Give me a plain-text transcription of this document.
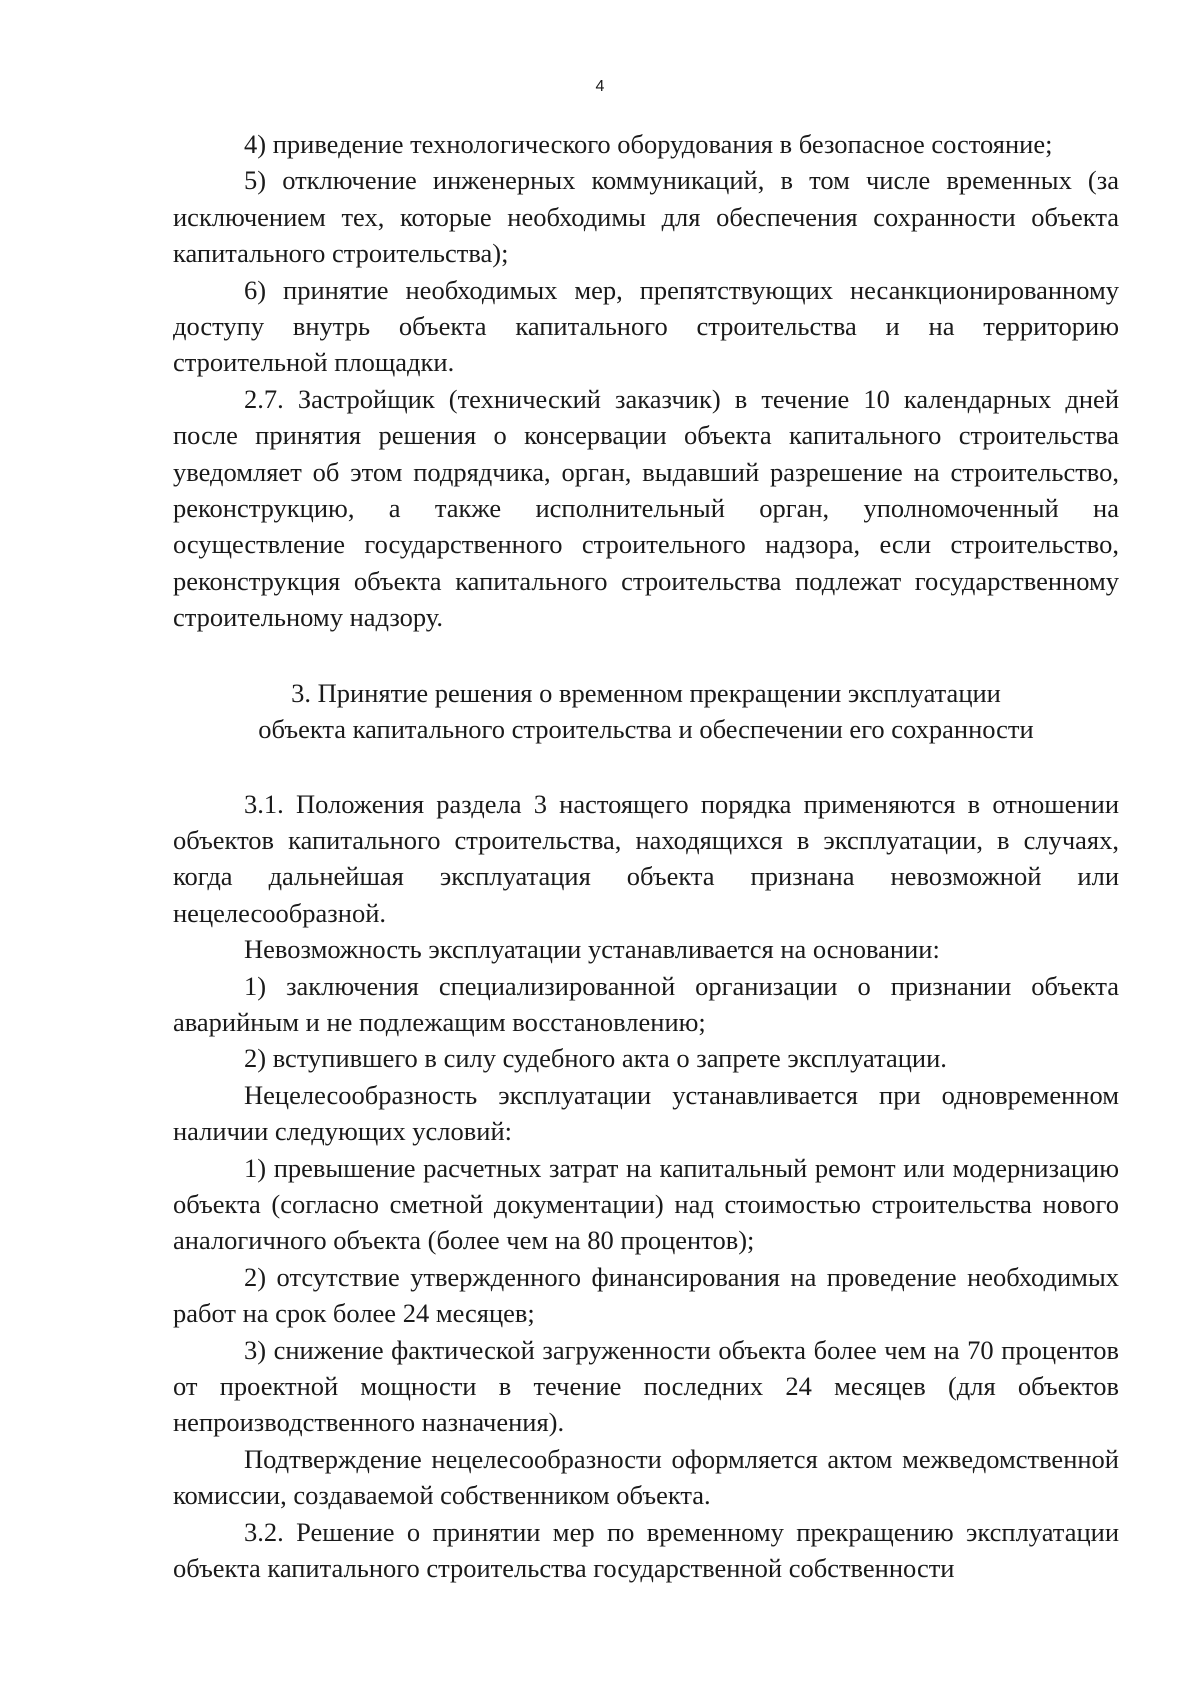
4

4) приведение технологического оборудования в безопасное состояние;

5) отключение инженерных коммуникаций, в том числе временных (за исключением тех, которые необходимы для обеспечения сохранности объекта капитального строительства);

6) принятие необходимых мер, препятствующих несанкционированному доступу внутрь объекта капитального строительства и на территорию строительной площадки.

2.7. Застройщик (технический заказчик) в течение 10 календарных дней после принятия решения о консервации объекта капитального строительства уведомляет об этом подрядчика, орган, выдавший разрешение на строительство, реконструкцию, а также исполнительный орган, уполномоченный на осуществление государственного строительного надзора, если строительство, реконструкция объекта капитального строительства подлежат государственному строительному надзору.

3. Принятие решения о временном прекращении эксплуатации
объекта капитального строительства и обеспечении его сохранности

3.1. Положения раздела 3 настоящего порядка применяются в отношении объектов капитального строительства, находящихся в эксплуатации, в случаях, когда дальнейшая эксплуатация объекта признана невозможной или нецелесообразной.

Невозможность эксплуатации устанавливается на основании:

1) заключения специализированной организации о признании объекта аварийным и не подлежащим восстановлению;

2) вступившего в силу судебного акта о запрете эксплуатации.

Нецелесообразность эксплуатации устанавливается при одновременном наличии следующих условий:

1) превышение расчетных затрат на капитальный ремонт или модернизацию объекта (согласно сметной документации) над стоимостью строительства нового аналогичного объекта (более чем на 80 процентов);

2) отсутствие утвержденного финансирования на проведение необходимых работ на срок более 24 месяцев;

3) снижение фактической загруженности объекта более чем на 70 процентов от проектной мощности в течение последних 24 месяцев (для объектов непроизводственного назначения).

Подтверждение нецелесообразности оформляется актом межведомственной комиссии, создаваемой собственником объекта.

3.2. Решение о принятии мер по временному прекращению эксплуатации объекта капитального строительства государственной собственности
